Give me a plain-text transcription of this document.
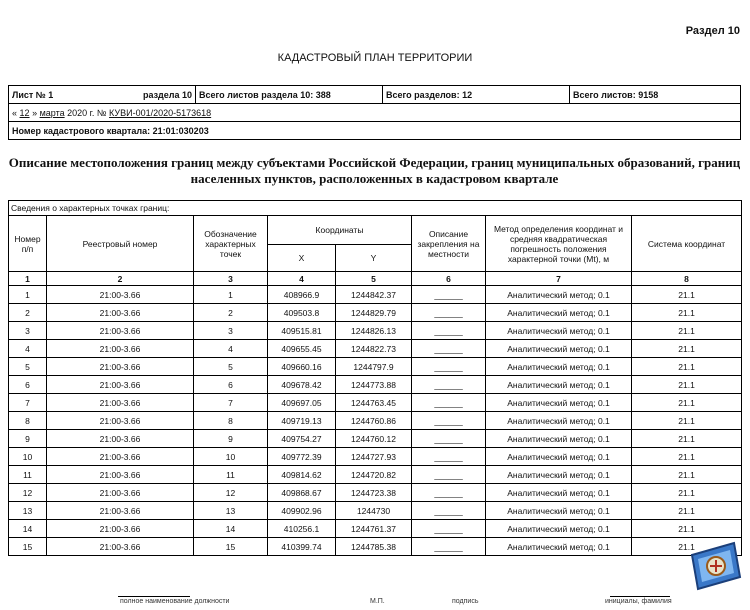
Раздел 10
КАДАСТРОВЫЙ ПЛАН ТЕРРИТОРИИ
Лист № 1	раздела 10	Всего листов раздела 10: 388	Всего разделов: 12	Всего листов: 9158
« 12 » марта 2020 г. № КУВИ-001/2020-5173618
Номер кадастрового квартала: 21:01:030203
Описание местоположения границ между субъектами Российской Федерации, границ муниципальных образований, границ населенных пунктов, расположенных в кадастровом квартале
Сведения о характерных точках границ:							
Номер п/п	Реестровый номер	Обозначение характерных точек	Координаты		Описание закрепления на местности	Метод определения координат и средняя квадратическая погрешность положения характерной точки (Mt), м	Система координат
			X	Y			
1	2	3	4	5	6	7	8
1	21:00-3.66	1	408966.9	1244842.37	______	Аналитический метод; 0.1	21.1
2	21:00-3.66	2	409503.8	1244829.79	______	Аналитический метод; 0.1	21.1
3	21:00-3.66	3	409515.81	1244826.13	______	Аналитический метод; 0.1	21.1
4	21:00-3.66	4	409655.45	1244822.73	______	Аналитический метод; 0.1	21.1
5	21:00-3.66	5	409660.16	1244797.9	______	Аналитический метод; 0.1	21.1
6	21:00-3.66	6	409678.42	1244773.88	______	Аналитический метод; 0.1	21.1
7	21:00-3.66	7	409697.05	1244763.45	______	Аналитический метод; 0.1	21.1
8	21:00-3.66	8	409719.13	1244760.86	______	Аналитический метод; 0.1	21.1
9	21:00-3.66	9	409754.27	1244760.12	______	Аналитический метод; 0.1	21.1
10	21:00-3.66	10	409772.39	1244727.93	______	Аналитический метод; 0.1	21.1
11	21:00-3.66	11	409814.62	1244720.82	______	Аналитический метод; 0.1	21.1
12	21:00-3.66	12	409868.67	1244723.38	______	Аналитический метод; 0.1	21.1
13	21:00-3.66	13	409902.96	1244730	______	Аналитический метод; 0.1	21.1
14	21:00-3.66	14	410256.1	1244761.37	______	Аналитический метод; 0.1	21.1
15	21:00-3.66	15	410399.74	1244785.38	______	Аналитический метод; 0.1	21.1
полное наименование должности	М.П.	подпись	инициалы, фамилия
